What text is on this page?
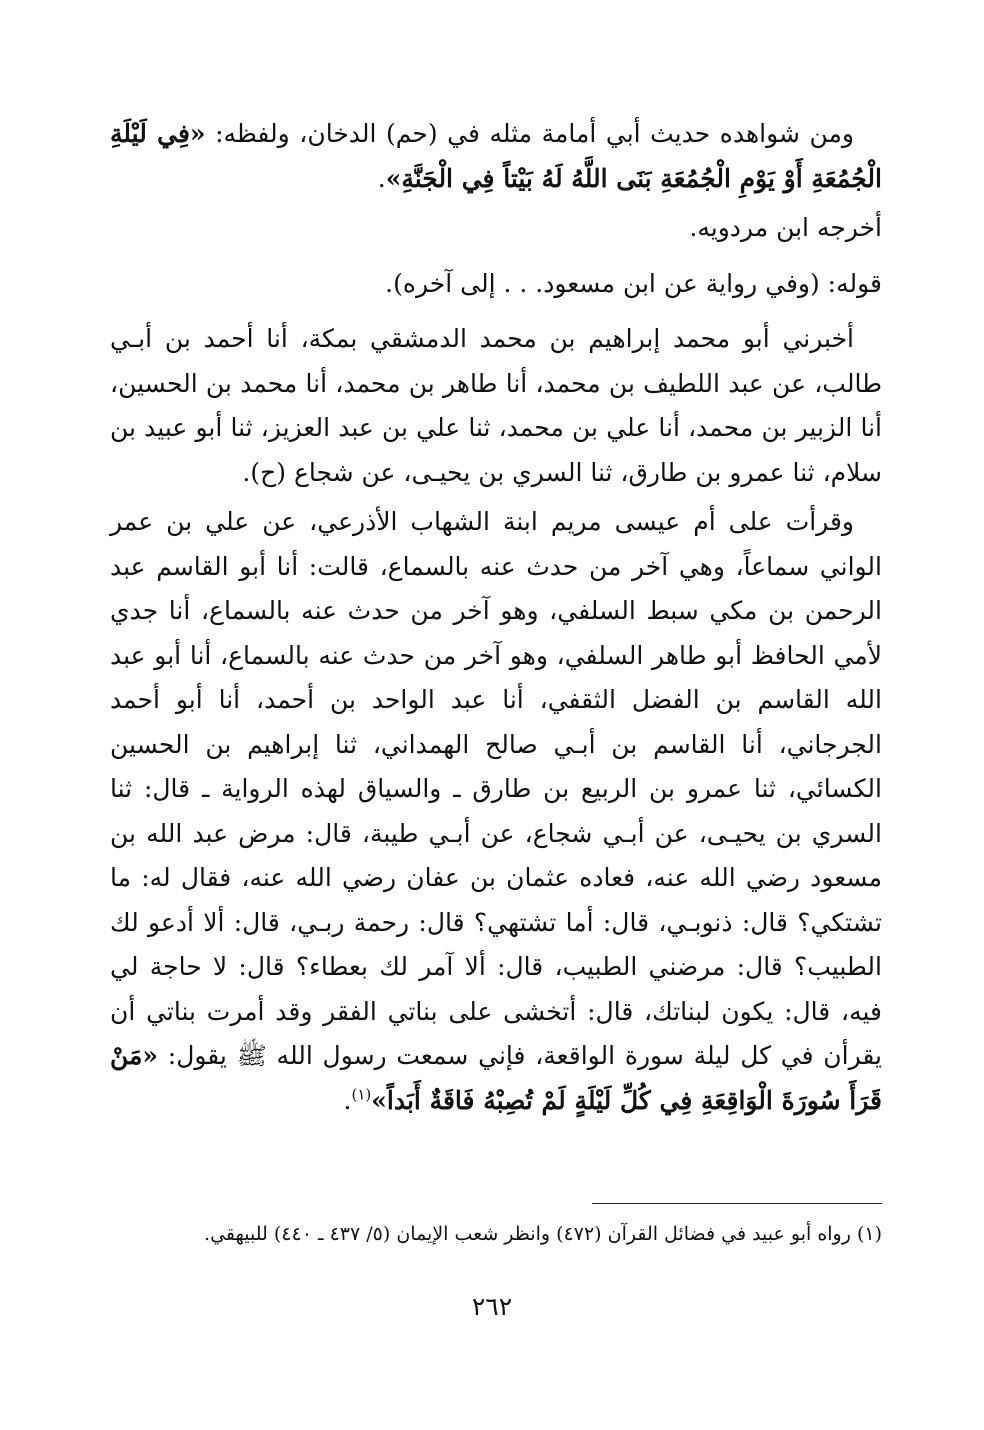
ومن شواهده حديث أبي أمامة مثله في (حم) الدخان، ولفظه: «فِي لَيْلَةِ الْجُمُعَةِ أَوْ يَوْمِ الْجُمُعَةِ بَنَى اللَّهُ لَهُ بَيْتاً فِي الْجَنَّةِ».

أخرجه ابن مردويه.

قوله: (وفي رواية عن ابن مسعود. . . إلى آخره).

أخبرني أبو محمد إبراهيم بن محمد الدمشقي بمكة، أنا أحمد بن أبـي طالب، عن عبد اللطيف بن محمد، أنا طاهر بن محمد، أنا محمد بن الحسين، أنا الزبير بن محمد، أنا علي بن محمد، ثنا علي بن عبد العزيز، ثنا أبو عبيد بن سلام، ثنا عمرو بن طارق، ثنا السري بن يحيـى، عن شجاع (ح).

وقرأت على أم عيسى مريم ابنة الشهاب الأذرعي، عن علي بن عمر الواني سماعاً، وهي آخر من حدث عنه بالسماع، قالت: أنا أبو القاسم عبد الرحمن بن مكي سبط السلفي، وهو آخر من حدث عنه بالسماع، أنا جدي لأمي الحافظ أبو طاهر السلفي، وهو آخر من حدث عنه بالسماع، أنا أبو عبد الله القاسم بن الفضل الثقفي، أنا عبد الواحد بن أحمد، أنا أبو أحمد الجرجاني، أنا القاسم بن أبـي صالح الهمداني، ثنا إبراهيم بن الحسين الكسائي، ثنا عمرو بن الربيع بن طارق ـ والسياق لهذه الرواية ـ قال: ثنا السري بن يحيـى، عن أبـي شجاع، عن أبـي طيبة، قال: مرض عبد الله بن مسعود رضي الله عنه، فعاده عثمان بن عفان رضي الله عنه، فقال له: ما تشتكي؟ قال: ذنوبـي، قال: أما تشتهي؟ قال: رحمة ربـي، قال: ألا أدعو لك الطبيب؟ قال: مرضني الطبيب، قال: ألا آمر لك بعطاء؟ قال: لا حاجة لي فيه، قال: يكون لبناتك، قال: أتخشى على بناتي الفقر وقد أمرت بناتي أن يقرأن في كل ليلة سورة الواقعة، فإني سمعت رسول الله ﷺ يقول: «مَنْ قَرَأَ سُورَةَ الْوَاقِعَةِ فِي كُلِّ لَيْلَةٍ لَمْ تُصِبْهُ فَاقَةٌ أَبَداً»$^{(١)}$.

(١) رواه أبو عبيد في فضائل القرآن (٤٧٢) وانظر شعب الإيمان (٥/ ٤٣٧ ـ ٤٤٠) للبيهقي.
٢٦٢
